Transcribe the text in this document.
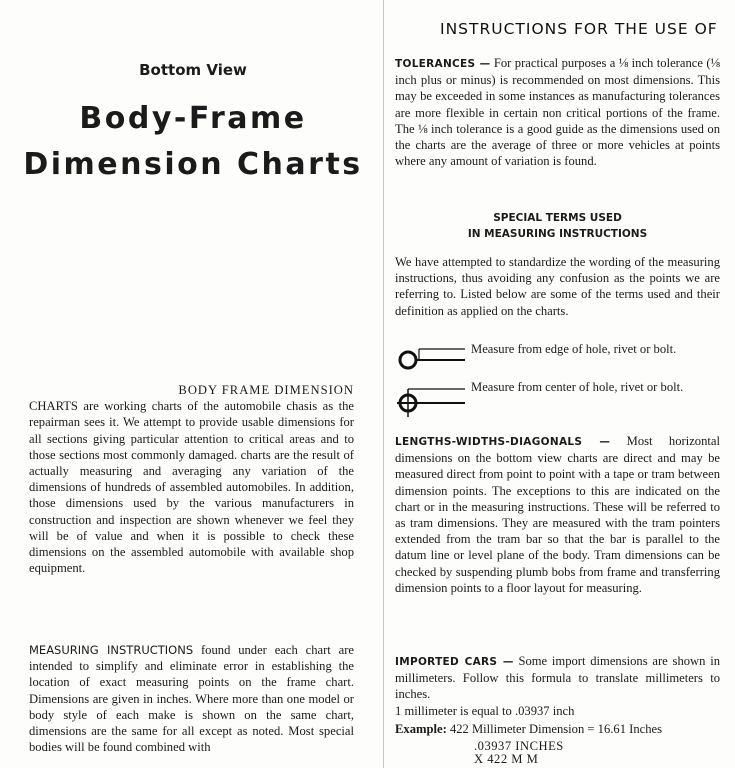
INSTRUCTIONS FOR THE USE OF
Bottom View
Body-Frame
Dimension Charts

BODY FRAME DIMENSION

CHARTS are working charts of the automobile chasis as the repairman sees it. We attempt to provide usable dimensions for all sections giving particular attention to critical areas and to those sections most commonly damaged. charts are the result of actually measuring and averaging any variation of the dimensions of hundreds of assembled automobiles. In addition, those dimensions used by the various manufacturers in construction and inspection are shown whenever we feel they will be of value and when it is possible to check these dimensions on the assembled automobile with available shop equipment.

MEASURING INSTRUCTIONS found under each chart are intended to simplify and eliminate error in establishing the location of exact measuring points on the frame chart. Dimensions are given in inches. Where more than one model or body style of each make is shown on the same chart, dimensions are the same for all except as noted. Most special bodies will be found combined with

TOLERANCES — For practical purposes a ⅛ inch tolerance (⅛ inch plus or minus) is recommended on most dimensions. This may be exceeded in some instances as manufacturing tolerances are more flexible in certain non critical portions of the frame. The ⅛ inch tolerance is a good guide as the dimensions used on the charts are the average of three or more vehicles at points where any amount of variation is found.

SPECIAL TERMS USED
IN MEASURING INSTRUCTIONS

We have attempted to standardize the wording of the measuring instructions, thus avoiding any confusion as the points we are referring to. Listed below are some of the terms used and their definition as applied on the charts.

Measure from edge of hole, rivet or bolt.
Measure from center of hole, rivet or bolt.

LENGTHS-WIDTHS-DIAGONALS — Most horizontal dimensions on the bottom view charts are direct and may be measured direct from point to point with a tape or tram between dimension points. The exceptions to this are indicated on the chart or in the measuring instructions. These will be referred to as tram dimensions. They are measured with the tram pointers extended from the tram bar so that the bar is parallel to the datum line or level plane of the body. Tram dimensions can be checked by suspending plumb bobs from frame and transferring dimension points to a floor layout for measuring.

IMPORTED CARS — Some import dimensions are shown in millimeters. Follow this formula to translate millimeters to inches.

1 millimeter is equal to .03937 inch

Example: 422 Millimeter Dimension = 16.61 Inches
.03937 INCHES
X 422 M M
